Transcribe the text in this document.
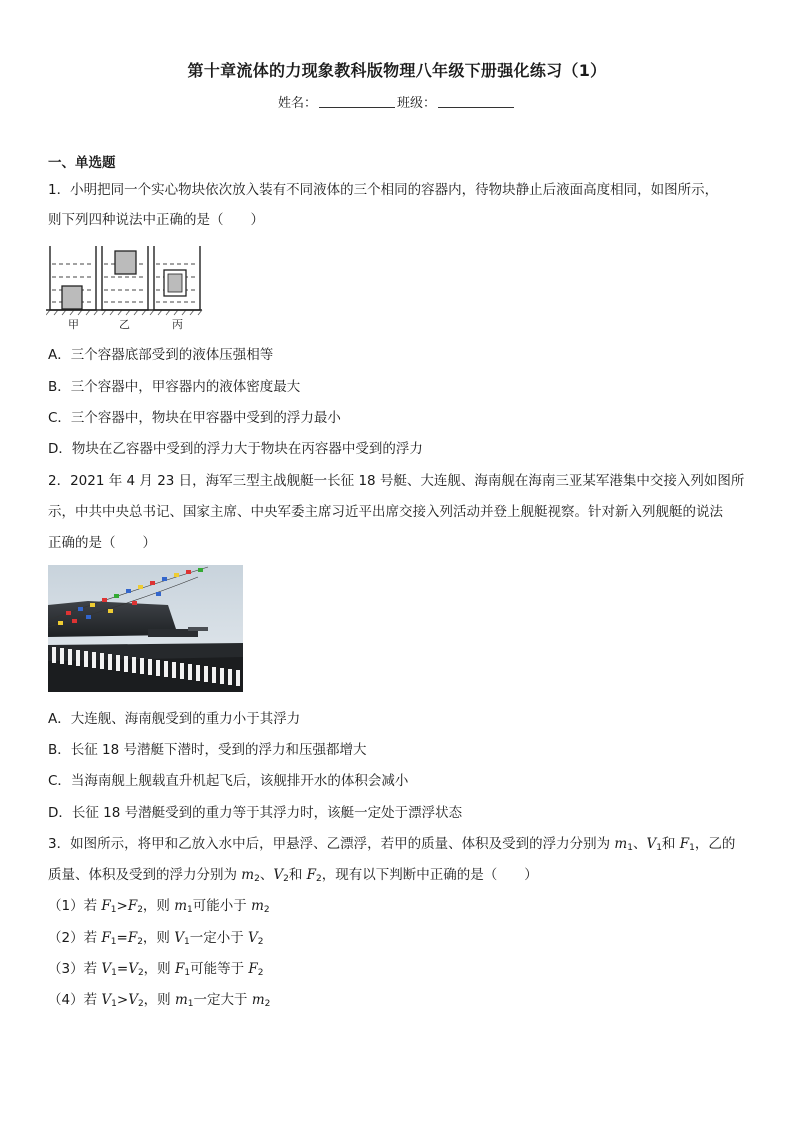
第十章流体的力现象教科版物理八年级下册强化练习（1）
姓名：	班级：
一、单选题
1．小明把同一个实心物块依次放入装有不同液体的三个相同的容器内，待物块静止后液面高度相同，如图所示，
则下列四种说法中正确的是（　　）
甲	乙	丙
A．三个容器底部受到的液体压强相等
B．三个容器中，甲容器内的液体密度最大
C．三个容器中，物块在甲容器中受到的浮力最小
D．物块在乙容器中受到的浮力大于物块在丙容器中受到的浮力
2．2021 年 4 月 23 日，海军三型主战舰艇一长征 18 号艇、大连舰、海南舰在海南三亚某军港集中交接入列如图所
示，中共中央总书记、国家主席、中央军委主席习近平出席交接入列活动并登上舰艇视察。针对新入列舰艇的说法
正确的是（　　）
A．大连舰、海南舰受到的重力小于其浮力
B．长征 18 号潜艇下潜时，受到的浮力和压强都增大
C．当海南舰上舰载直升机起飞后，该舰排开水的体积会减小
D．长征 18 号潜艇受到的重力等于其浮力时，该艇一定处于漂浮状态
3．如图所示，将甲和乙放入水中后，甲悬浮、乙漂浮，若甲的质量、体积及受到的浮力分别为 $m_1$、$V_1$和 $F_1$，乙的
质量、体积及受到的浮力分别为 $m_2$、$V_2$和 $F_2$，现有以下判断中正确的是（　　）
（1）若 $F_1>F_2$，则 $m_1$可能小于 $m_2$
（2）若 $F_1=F_2$，则 $V_1$一定小于 $V_2$
（3）若 $V_1=V_2$，则 $F_1$可能等于 $F_2$
（4）若 $V_1>V_2$，则 $m_1$一定大于 $m_2$
